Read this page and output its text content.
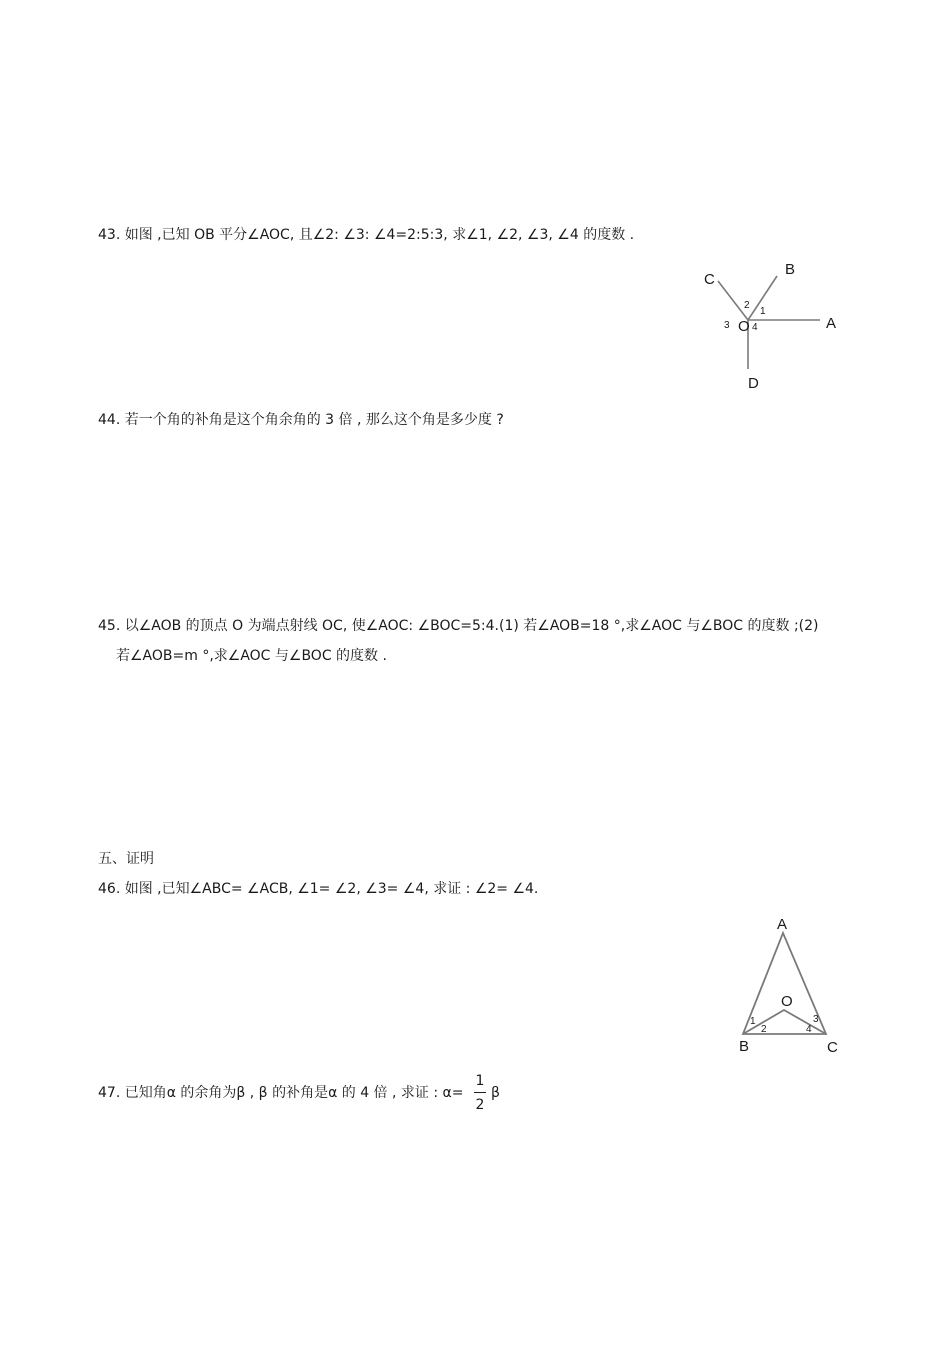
43. 如图 ,已知 OB 平分∠AOC, 且∠2: ∠3: ∠4=2:5:3, 求∠1, ∠2, ∠3, ∠4 的度数 .
C
B
A
D
O
1
2
3 4
44. 若一个角的补角是这个角余角的 3 倍 , 那么这个角是多少度 ?
45. 以∠AOB 的顶点 O 为端点射线 OC, 使∠AOC: ∠BOC=5:4.(1) 若∠AOB=18 °,求∠AOC 与∠BOC 的度数 ;(2)
若∠AOB=m °,求∠AOC 与∠BOC 的度数 .
五、证明
46. 如图 ,已知∠ABC= ∠ACB, ∠1= ∠2, ∠3= ∠4, 求证 : ∠2= ∠4.
A
B	C
O
1
2
3
4
47. 已知角α 的余角为β , β 的补角是α 的 4 倍 , 求证 : α=
1
2
β
